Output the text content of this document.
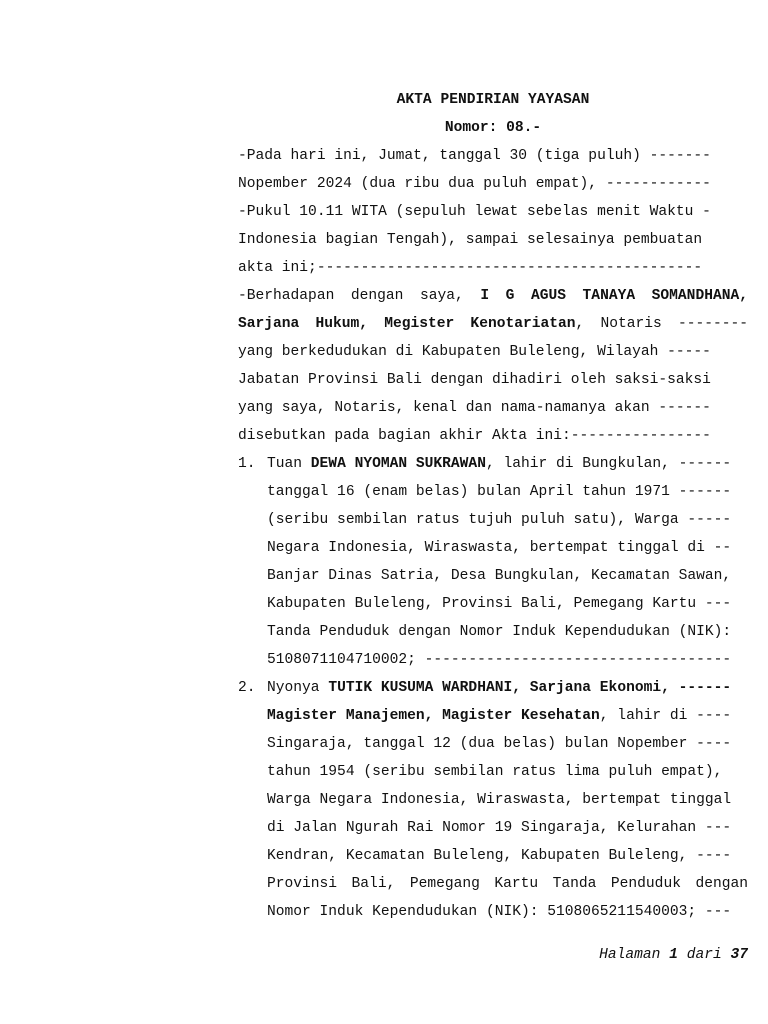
AKTA PENDIRIAN YAYASAN
Nomor: 08.-
-Pada hari ini, Jumat, tanggal 30 (tiga puluh) -------
Nopember 2024 (dua ribu dua puluh empat), ------------
-Pukul 10.11 WITA (sepuluh lewat sebelas menit Waktu -
Indonesia bagian Tengah), sampai selesainya pembuatan
akta ini;--------------------------------------------
-Berhadapan dengan saya, I G AGUS TANAYA SOMANDHANA,
Sarjana Hukum, Megister Kenotariatan, Notaris --------
yang berkedudukan di Kabupaten Buleleng, Wilayah -----
Jabatan Provinsi Bali dengan dihadiri oleh saksi-saksi
yang saya, Notaris, kenal dan nama-namanya akan ------
disebutkan pada bagian akhir Akta ini:----------------
1. Tuan DEWA NYOMAN SUKRAWAN, lahir di Bungkulan, ------
tanggal 16 (enam belas) bulan April tahun 1971 ------
(seribu sembilan ratus tujuh puluh satu), Warga -----
Negara Indonesia, Wiraswasta, bertempat tinggal di --
Banjar Dinas Satria, Desa Bungkulan, Kecamatan Sawan,
Kabupaten Buleleng, Provinsi Bali, Pemegang Kartu ---
Tanda Penduduk dengan Nomor Induk Kependudukan (NIK):
5108071104710002; -----------------------------------
2. Nyonya TUTIK KUSUMA WARDHANI, Sarjana Ekonomi, ------
Magister Manajemen, Magister Kesehatan, lahir di ----
Singaraja, tanggal 12 (dua belas) bulan Nopember ----
tahun 1954 (seribu sembilan ratus lima puluh empat),
Warga Negara Indonesia, Wiraswasta, bertempat tinggal
di Jalan Ngurah Rai Nomor 19 Singaraja, Kelurahan ---
Kendran, Kecamatan Buleleng, Kabupaten Buleleng, ----
Provinsi Bali, Pemegang Kartu Tanda Penduduk dengan
Nomor Induk Kependudukan (NIK): 5108065211540003; ---
Halaman 1 dari 37
